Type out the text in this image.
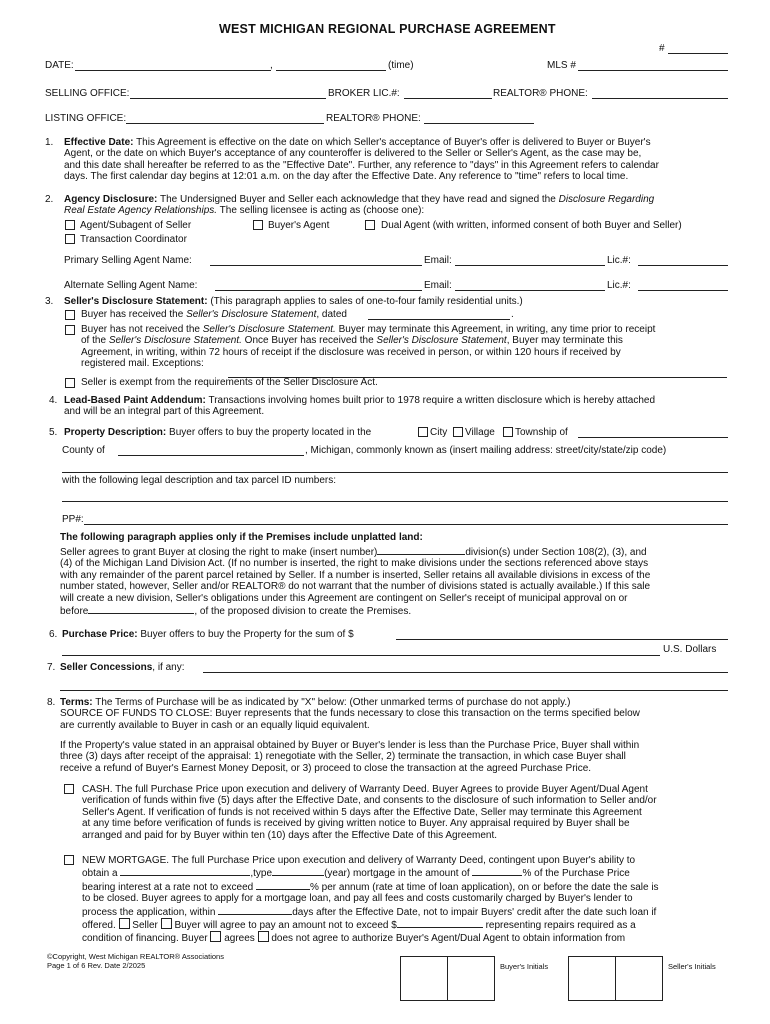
WEST MICHIGAN REGIONAL PURCHASE AGREEMENT
#
DATE:	,	(time)	MLS #
SELLING OFFICE:	BROKER LIC.#:	REALTOR® PHONE:
LISTING OFFICE:	REALTOR® PHONE:
1. Effective Date: This Agreement is effective on the date on which Seller's acceptance of Buyer's offer is delivered to Buyer or Buyer's
Agent, or the date on which Buyer's acceptance of any counteroffer is delivered to the Seller or Seller's Agent, as the case may be,
and this date shall hereafter be referred to as the "Effective Date". Further, any reference to "days" in this Agreement refers to calendar
days. The first calendar day begins at 12:01 a.m. on the day after the Effective Date. Any reference to "time" refers to local time.
2. Agency Disclosure: The Undersigned Buyer and Seller each acknowledge that they have read and signed the Disclosure Regarding
Real Estate Agency Relationships. The selling licensee is acting as (choose one):
Agent/Subagent of Seller	Buyer's Agent	Dual Agent (with written, informed consent of both Buyer and Seller)
Transaction Coordinator
Primary Selling Agent Name:	Email:	Lic.#:
Alternate Selling Agent Name:	Email:	Lic.#:
3. Seller's Disclosure Statement: (This paragraph applies to sales of one-to-four family residential units.)
Buyer has received the Seller's Disclosure Statement, dated	.
Buyer has not received the Seller's Disclosure Statement. Buyer may terminate this Agreement, in writing, any time prior to receipt
of the Seller's Disclosure Statement. Once Buyer has received the Seller's Disclosure Statement, Buyer may terminate this
Agreement, in writing, within 72 hours of receipt if the disclosure was received in person, or within 120 hours if received by
registered mail. Exceptions:
Seller is exempt from the requirements of the Seller Disclosure Act.
4. Lead-Based Paint Addendum: Transactions involving homes built prior to 1978 require a written disclosure which is hereby attached
and will be an integral part of this Agreement.
5. Property Description: Buyer offers to buy the property located in the	City Village Township of
County of	, Michigan, commonly known as (insert mailing address: street/city/state/zip code)
with the following legal description and tax parcel ID numbers:
PP#:
The following paragraph applies only if the Premises include unplatted land:
Seller agrees to grant Buyer at closing the right to make (insert number)	division(s) under Section 108(2), (3), and
(4) of the Michigan Land Division Act. (If no number is inserted, the right to make divisions under the sections referenced above stays
with any remainder of the parent parcel retained by Seller. If a number is inserted, Seller retains all available divisions in excess of the
number stated, however, Seller and/or REALTOR® do not warrant that the number of divisions stated is actually available.) If this sale
will create a new division, Seller's obligations under this Agreement are contingent on Seller's receipt of municipal approval on or
before	, of the proposed division to create the Premises.
6. Purchase Price: Buyer offers to buy the Property for the sum of $
U.S. Dollars
7. Seller Concessions, if any:
8. Terms: The Terms of Purchase will be as indicated by "X" below: (Other unmarked terms of purchase do not apply.)
SOURCE OF FUNDS TO CLOSE: Buyer represents that the funds necessary to close this transaction on the terms specified below
are currently available to Buyer in cash or an equally liquid equivalent.
If the Property's value stated in an appraisal obtained by Buyer or Buyer's lender is less than the Purchase Price, Buyer shall within
three (3) days after receipt of the appraisal: 1) renegotiate with the Seller, 2) terminate the transaction, in which case Buyer shall
receive a refund of Buyer's Earnest Money Deposit, or 3) proceed to close the transaction at the agreed Purchase Price.
CASH. The full Purchase Price upon execution and delivery of Warranty Deed. Buyer Agrees to provide Buyer Agent/Dual Agent
verification of funds within five (5) days after the Effective Date, and consents to the disclosure of such information to Seller and/or
Seller's Agent. If verification of funds is not received within 5 days after the Effective Date, Seller may terminate this Agreement
at any time before verification of funds is received by giving written notice to Buyer. Any appraisal required by Buyer shall be
arranged and paid for by Buyer within ten (10) days after the Effective Date of this Agreement.
NEW MORTGAGE. The full Purchase Price upon execution and delivery of Warranty Deed, contingent upon Buyer's ability to
obtain a	,type	(year) mortgage in the amount of	% of the Purchase Price
bearing interest at a rate not to exceed	% per annum (rate at time of loan application), on or before the date the sale is
to be closed. Buyer agrees to apply for a mortgage loan, and pay all fees and costs customarily charged by Buyer's lender to
process the application, within	days after the Effective Date, not to impair Buyers' credit after the date such loan if
offered. Seller Buyer will agree to pay an amount not to exceed $	representing repairs required as a
condition of financing. Buyer agrees does not agree to authorize Buyer's Agent/Dual Agent to obtain information from
©Copyright, West Michigan REALTOR® Associations
Page 1 of 6 Rev. Date 2/2025	Buyer's Initials	Seller's Initials
